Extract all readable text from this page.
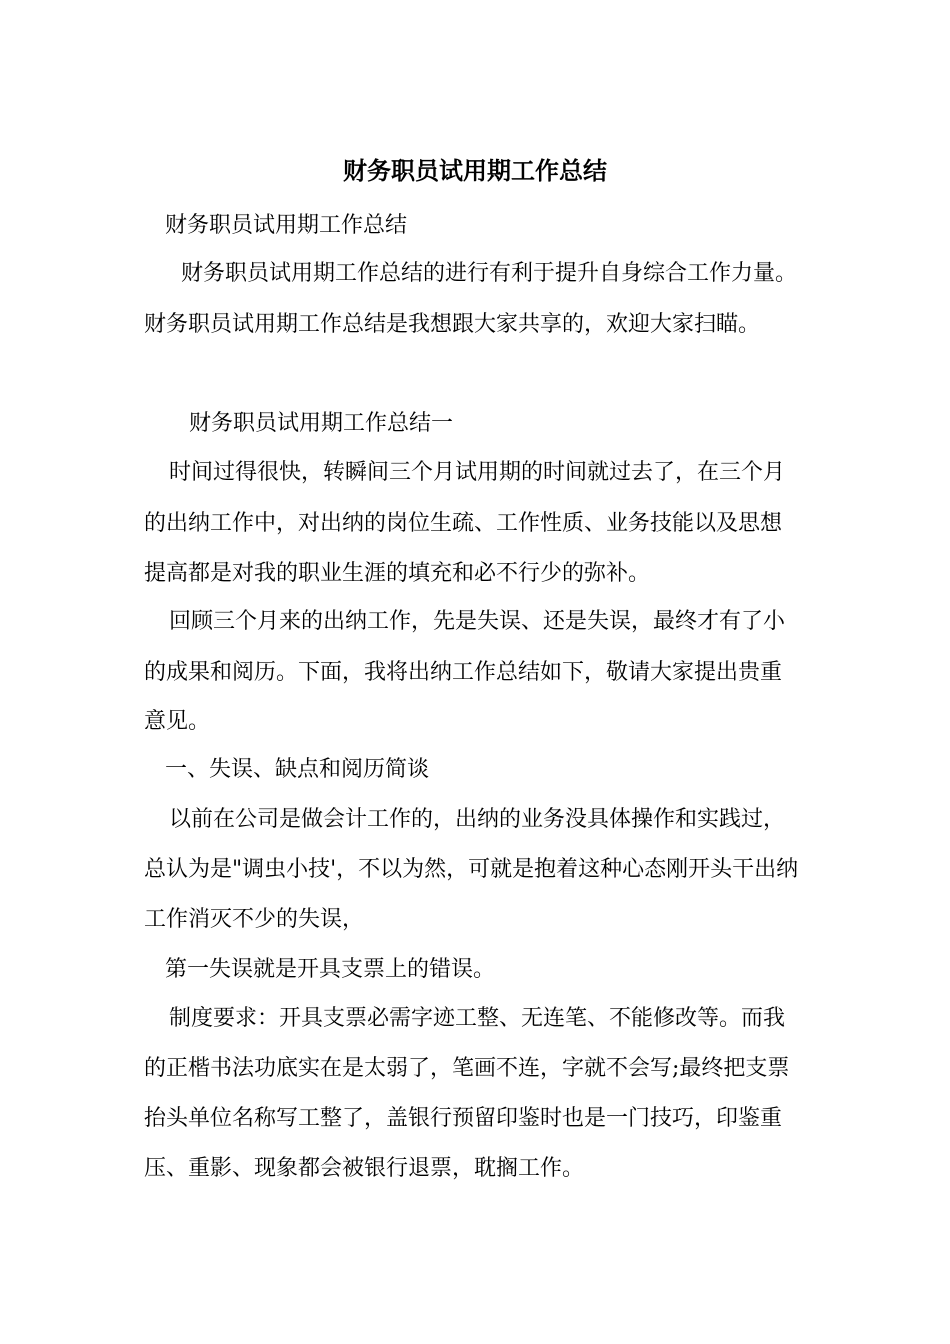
财务职员试用期工作总结
财务职员试用期工作总结
财务职员试用期工作总结的进行有利于提升自身综合工作力量。
财务职员试用期工作总结是我想跟大家共享的，欢迎大家扫瞄。
财务职员试用期工作总结一
时间过得很快，转瞬间三个月试用期的时间就过去了，在三个月
的出纳工作中，对出纳的岗位生疏、工作性质、业务技能以及思想
提高都是对我的职业生涯的填充和必不行少的弥补。
回顾三个月来的出纳工作，先是失误、还是失误，最终才有了小
的成果和阅历。下面，我将出纳工作总结如下，敬请大家提出贵重
意见。
一、失误、缺点和阅历简谈
以前在公司是做会计工作的，出纳的业务没具体操作和实践过，
总认为是"调虫小技'，不以为然，可就是抱着这种心态刚开头干出纳
工作消灭不少的失误，
第一失误就是开具支票上的错误。
制度要求：开具支票必需字迹工整、无连笔、不能修改等。而我
的正楷书法功底实在是太弱了，笔画不连，字就不会写;最终把支票
抬头单位名称写工整了，盖银行预留印鉴时也是一门技巧，印鉴重
压、重影、现象都会被银行退票，耽搁工作。
